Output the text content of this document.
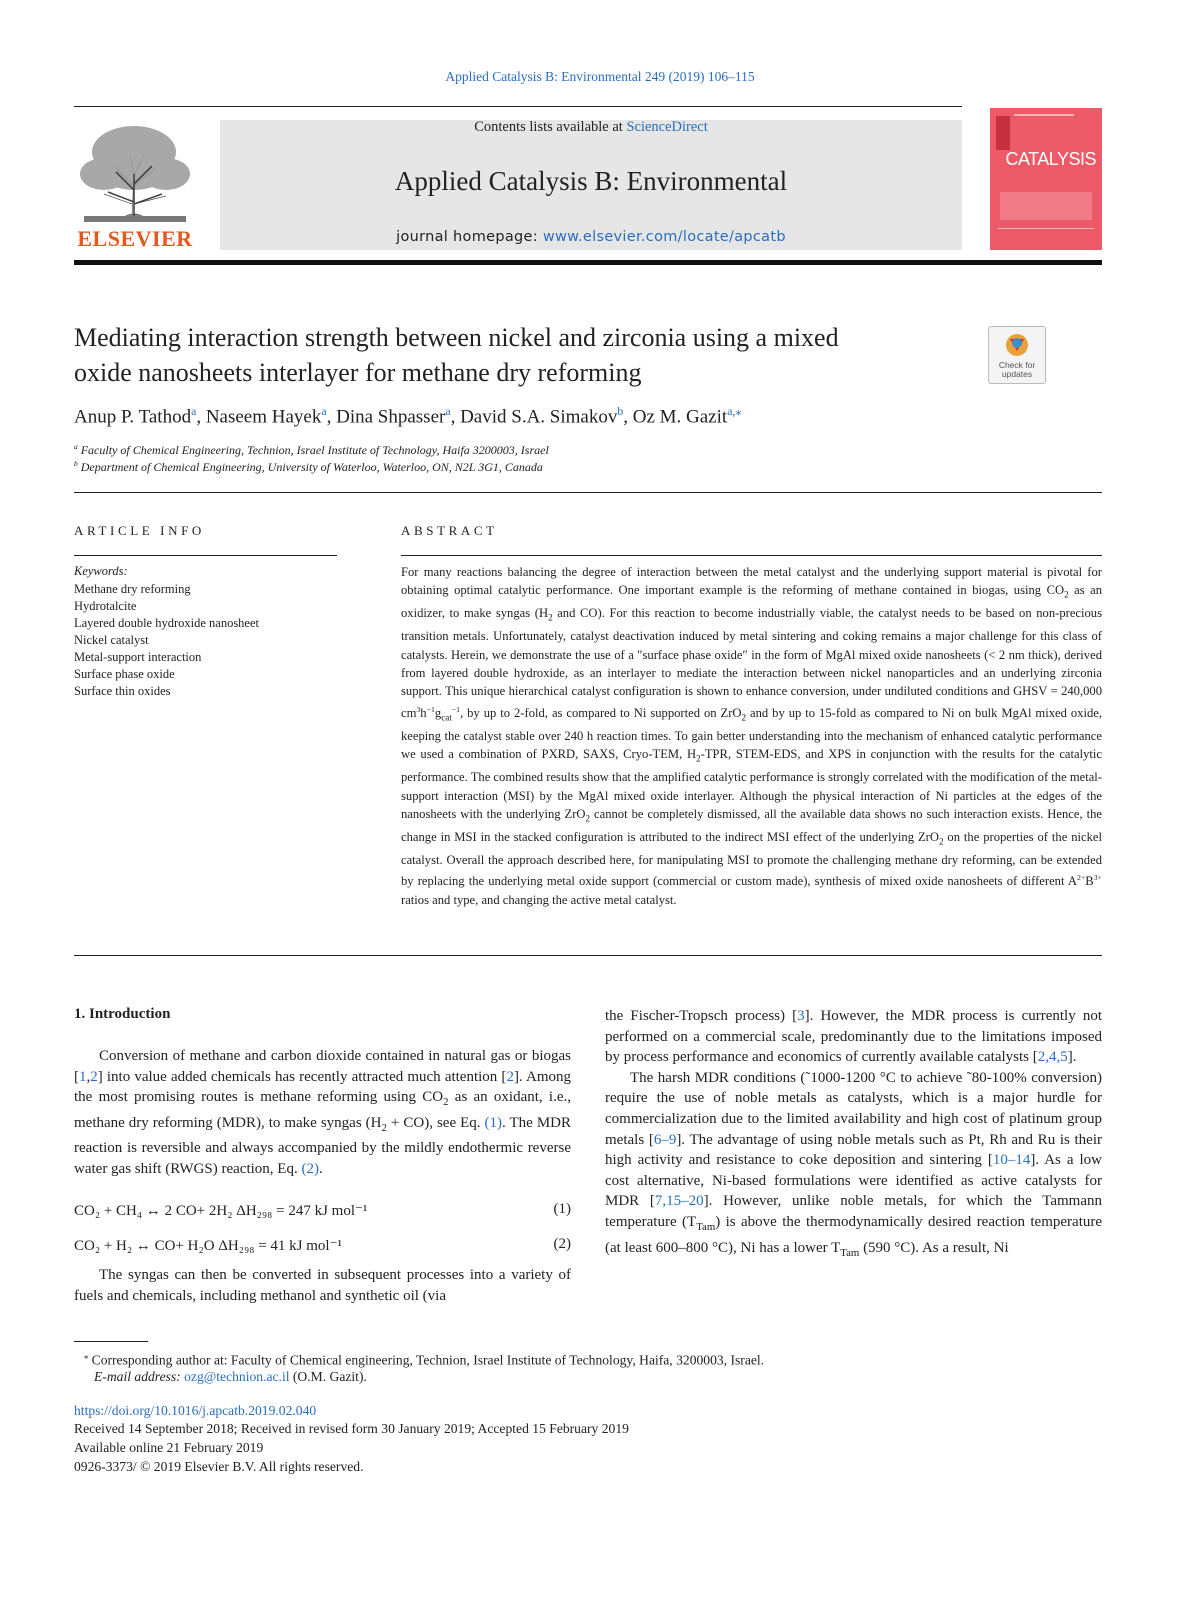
Applied Catalysis B: Environmental 249 (2019) 106–115
ELSEVIER
Contents lists available at ScienceDirect
Applied Catalysis B: Environmental
journal homepage: www.elsevier.com/locate/apcatb
CATALYSIS
Mediating interaction strength between nickel and zirconia using a mixed
oxide nanosheets interlayer for methane dry reforming	Check for updates
Anup P. Tathod$^a$, Naseem Hayek$^a$, Dina Shpasser$^a$, David S.A. Simakov$^b$, Oz M. Gazit$^{a,⁎}$
$^a$ Faculty of Chemical Engineering, Technion, Israel Institute of Technology, Haifa 3200003, Israel
$^b$ Department of Chemical Engineering, University of Waterloo, Waterloo, ON, N2L 3G1, Canada
ARTICLE INFO
Keywords:
Methane dry reforming
Hydrotalcite
Layered double hydroxide nanosheet
Nickel catalyst
Metal-support interaction
Surface phase oxide
Surface thin oxides
ABSTRACT
For many reactions balancing the degree of interaction between the metal catalyst and the underlying support material is pivotal for obtaining optimal catalytic performance. One important example is the reforming of methane contained in biogas, using $CO_2$ as an oxidizer, to make syngas ($H_2$ and CO). For this reaction to become industrially viable, the catalyst needs to be based on non-precious transition metals. Unfortunately, catalyst deactivation induced by metal sintering and coking remains a major challenge for this class of catalysts. Herein, we demonstrate the use of a ″surface phase oxide″ in the form of MgAl mixed oxide nanosheets (< 2 nm thick), derived from layered double hydroxide, as an interlayer to mediate the interaction between nickel nanoparticles and an underlying zirconia support. This unique hierarchical catalyst configuration is shown to enhance conversion, under undiluted conditions and GHSV = 240,000 $cm^3h^{-1}g_{cat}^{-1}$, by up to 2-fold, as compared to Ni supported on ZrO$_2$ and by up to 15-fold as compared to Ni on bulk MgAl mixed oxide, keeping the catalyst stable over 240 h reaction times. To gain better understanding into the mechanism of enhanced catalytic performance we used a combination of PXRD, SAXS, Cryo-TEM, $H_2$-TPR, STEM-EDS, and XPS in conjunction with the results for the catalytic performance. The combined results show that the amplified catalytic performance is strongly correlated with the modification of the metal-support interaction (MSI) by the MgAl mixed oxide interlayer. Although the physical interaction of Ni particles at the edges of the nanosheets with the underlying ZrO$_2$ cannot be completely dismissed, all the available data shows no such interaction exists. Hence, the change in MSI in the stacked configuration is attributed to the indirect MSI effect of the underlying ZrO$_2$ on the properties of the nickel catalyst. Overall the approach described here, for manipulating MSI to promote the challenging methane dry reforming, can be extended by replacing the underlying metal oxide support (commercial or custom made), synthesis of mixed oxide nanosheets of different $A^{2+}B^{3+}$ ratios and type, and changing the active metal catalyst.
1. Introduction

Conversion of methane and carbon dioxide contained in natural gas or biogas [1,2] into value added chemicals has recently attracted much attention [2]. Among the most promising routes is methane reforming using $CO_2$ as an oxidant, i.e., methane dry reforming (MDR), to make syngas $(H_2 + CO)$, see Eq. (1). The MDR reaction is reversible and always accompanied by the mildly endothermic reverse water gas shift (RWGS) reaction, Eq. (2).

CO₂ + CH₄ ↔ 2 CO+ 2H₂ ΔH₂₉₈ = 247 kJ mol⁻¹	(1)
CO₂ + H₂ ↔ CO+ H₂O ΔH₂₉₈ = 41 kJ mol⁻¹	(2)

The syngas can then be converted in subsequent processes into a variety of fuels and chemicals, including methanol and synthetic oil (via

the Fischer-Tropsch process) [3]. However, the MDR process is currently not performed on a commercial scale, predominantly due to the limitations imposed by process performance and economics of currently available catalysts [2,4,5].

The harsh MDR conditions (˜1000-1200 °C to achieve ˜80-100% conversion) require the use of noble metals as catalysts, which is a major hurdle for commercialization due to the limited availability and high cost of platinum group metals [6–9]. The advantage of using noble metals such as Pt, Rh and Ru is their high activity and resistance to coke deposition and sintering [10–14]. As a low cost alternative, Ni-based formulations were identified as active catalysts for MDR [7,15–20]. However, unlike noble metals, for which the Tammann temperature $(T_{Tam})$ is above the thermodynamically desired reaction temperature (at least 600–800 °C), Ni has a lower $T_{Tam}$ (590 °C). As a result, Ni

⁎ Corresponding author at: Faculty of Chemical engineering, Technion, Israel Institute of Technology, Haifa, 3200003, Israel.
E-mail address: ozg@technion.ac.il (O.M. Gazit).
https://doi.org/10.1016/j.apcatb.2019.02.040
Received 14 September 2018; Received in revised form 30 January 2019; Accepted 15 February 2019
Available online 21 February 2019
0926-3373/ © 2019 Elsevier B.V. All rights reserved.
